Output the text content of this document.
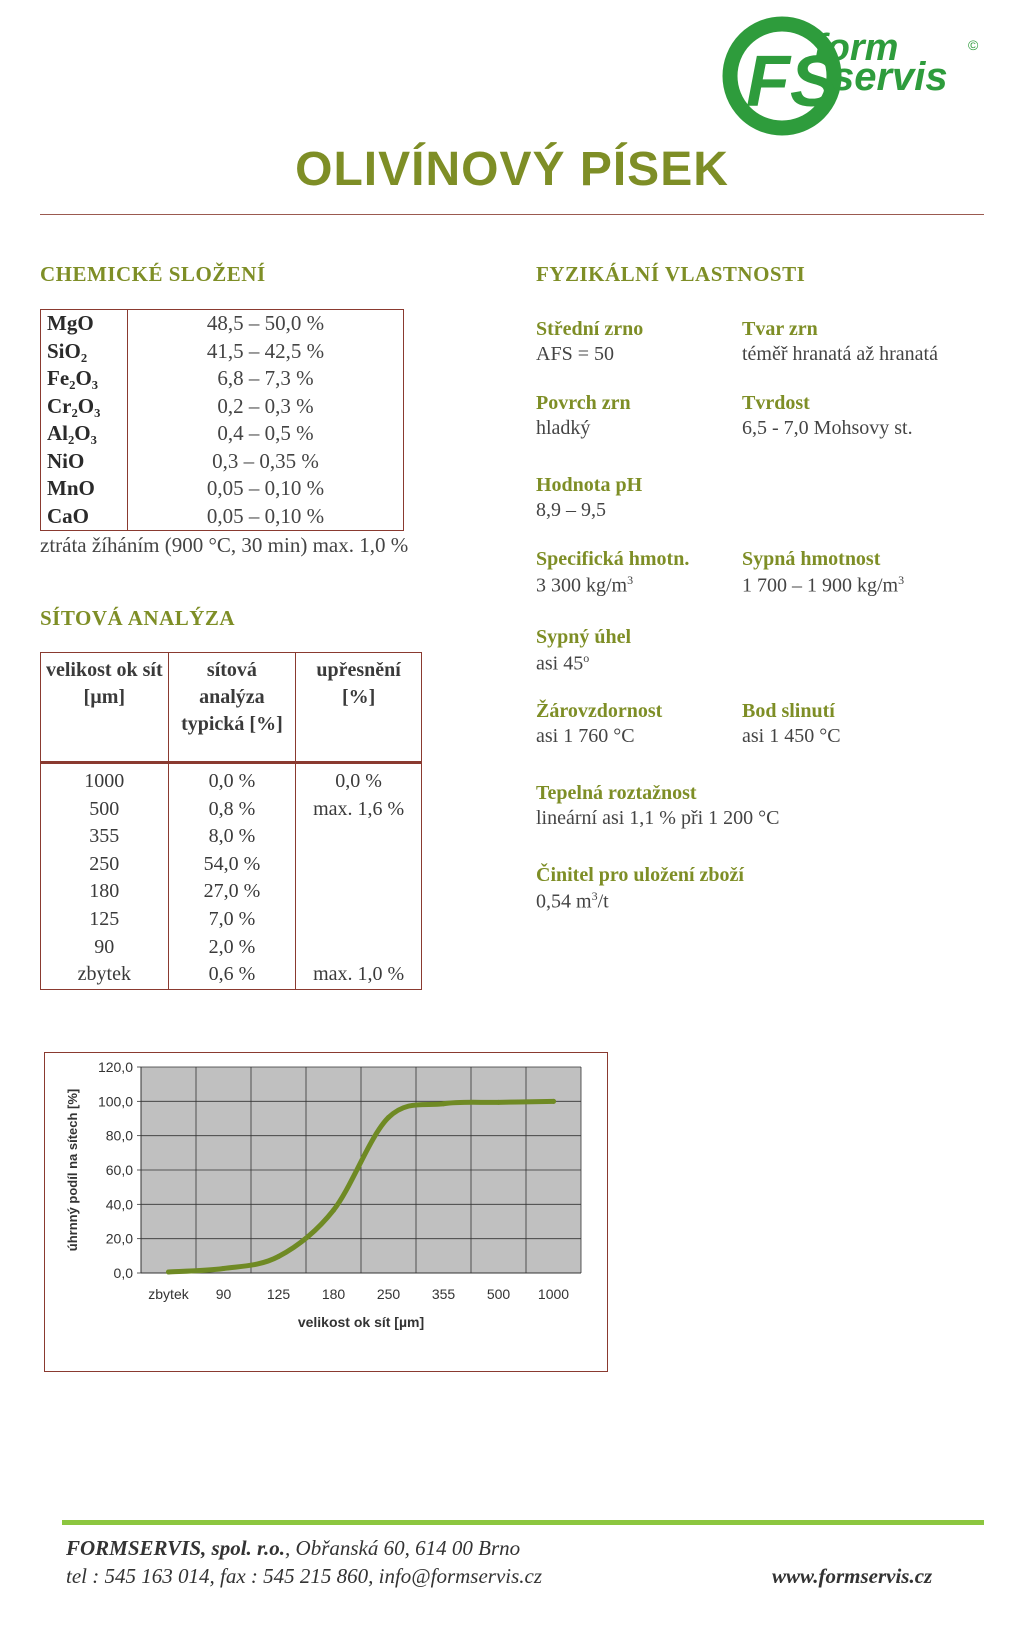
FS
form
servis
©
OLIVÍNOVÝ PÍSEK
CHEMICKÉ SLOŽENÍ
MgO	48,5 – 50,0 %
SiO₂	41,5 – 42,5 %
Fe₂O₃	6,8 – 7,3 %
Cr₂O₃	0,2 – 0,3 %
Al₂O₃	0,4 – 0,5 %
NiO	0,3 – 0,35 %
MnO	0,05 – 0,10 %
CaO	0,05 – 0,10 %
ztráta žíháním (900 °C, 30 min) max. 1,0 %
SÍTOVÁ ANALÝZA
velikost ok sít [µm]	sítová analýza typická [%]	upřesnění [%]
1000	0,0 %	0,0 %
500	0,8 %	max. 1,6 %
355	8,0 %	
250	54,0 %	
180	27,0 %	
125	7,0 %	
90	2,0 %	
zbytek	0,6 %	max. 1,0 %
FYZIKÁLNÍ VLASTNOSTI
Střední zrno
AFS = 50
Tvar zrn
téměř hranatá až hranatá
Povrch zrn
hladký
Tvrdost
6,5 - 7,0 Mohsovy st.
Hodnota pH
8,9 – 9,5
Specifická hmotn.
3 300 $kg/m^3$
Sypná hmotnost
1 700 – 1 900 $kg/m^3$
Sypný úhel
asi 45$^o$
Žárovzdornost
asi 1 760 °C
Bod slinutí
asi 1 450 °C
Tepelná roztažnost
lineární asi 1,1 % při 1 200 °C
Činitel pro uložení zboží
0,54 $m^3/t$
0,0
20,0
40,0
60,0
80,0
100,0
120,0
zbytek 90	125 180 250 355 500 1000
velikost ok sít [µm]
úhrnný podíl na sítech [%]
FORMSERVIS, spol. r.o., Obřanská 60, 614 00 Brno
tel : 545 163 014, fax : 545 215 860, info@formservis.cz	www.formservis.cz
